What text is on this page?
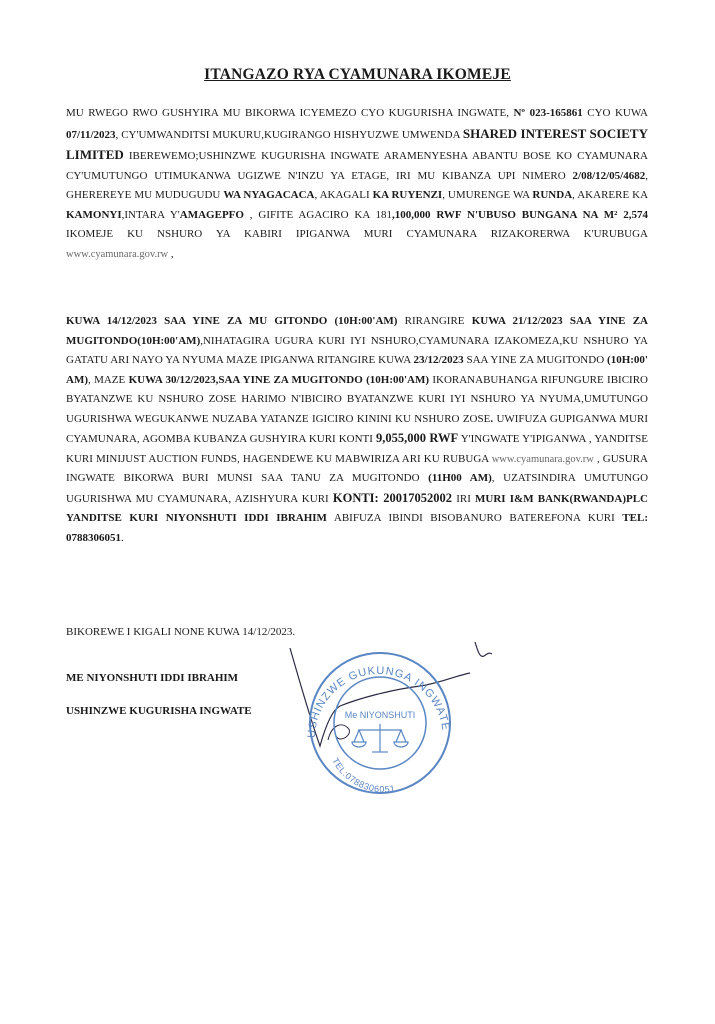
ITANGAZO RYA CYAMUNARA IKOMEJE
MU RWEGO RWO GUSHYIRA MU BIKORWA ICYEMEZO CYO KUGURISHA INGWATE, Nº 023-165861 CYO KUWA 07/11/2023, CY'UMWANDITSI MUKURU,KUGIRANGO HISHYUZWE UMWENDA SHARED INTEREST SOCIETY LIMITED IBEREWEMO;USHINZWE KUGURISHA INGWATE ARAMENYESHA ABANTU BOSE KO CYAMUNARA CY'UMUTUNGO UTIMUKANWA UGIZWE N'INZU YA ETAGE, IRI MU KIBANZA UPI NIMERO 2/08/12/05/4682, GHEREREYE MU MUDUGUDU WA NYAGACACA, AKAGALI KA RUYENZI, UMURENGE WA RUNDA, AKARERE KA KAMONYI,INTARA Y'AMAGEPFO , GIFITE AGACIRO KA 181,100,000 RWF N'UBUSO BUNGANA NA M² 2,574 IKOMEJE KU NSHURO YA KABIRI IPIGANWA MURI CYAMUNARA RIZAKORERWA K'URUBUGA www.cyamunara.gov.rw ,
KUWA 14/12/2023 SAA YINE ZA MU GITONDO (10H:00'AM) RIRANGIRE KUWA 21/12/2023 SAA YINE ZA MUGITONDO(10H:00'AM),NIHATAGIRA UGURA KURI IYI NSHURO,CYAMUNARA IZAKOMEZA,KU NSHURO YA GATATU ARI NAYO YA NYUMA MAZE IPIGANWA RITANGIRE KUWA 23/12/2023 SAA YINE ZA MUGITONDO (10H:00' AM), MAZE KUWA 30/12/2023,SAA YINE ZA MUGITONDO (10H:00'AM) IKORANABUHANGA RIFUNGURE IBICIRO BYATANZWE KU NSHURO ZOSE HARIMO N'IBICIRO BYATANZWE KURI IYI NSHURO YA NYUMA,UMUTUNGO UGURISHWA WEGUKANWE NUZABA YATANZE IGICIRO KININI KU NSHURO ZOSE. UWIFUZA GUPIGANWA MURI CYAMUNARA, AGOMBA KUBANZA GUSHYIRA KURI KONTI 9,055,000 RWF Y'INGWATE Y'IPIGANWA , YANDITSE KURI MINIJUST AUCTION FUNDS, HAGENDEWE KU MABWIRIZA ARI KU RUBUGA www.cyamunara.gov.rw , GUSURA INGWATE BIKORWA BURI MUNSI SAA TANU ZA MUGITONDO (11H00 AM), UZATSINDIRA UMUTUNGO UGURISHWA MU CYAMUNARA, AZISHYURA KURI KONTI: 20017052002 IRI MURI I&M BANK(RWANDA)PLC YANDITSE KURI NIYONSHUTI IDDI IBRAHIM ABIFUZA IBINDI BISOBANURO BATEREFONA KURI TEL: 0788306051.
BIKOREWE I KIGALI NONE KUWA 14/12/2023.
ME NIYONSHUTI IDDI IBRAHIM
USHINZWE KUGURISHA INGWATE
USHINZWE GUKUNGA INGWATE
Me NIYONSHUTI
TEL:0788306051
